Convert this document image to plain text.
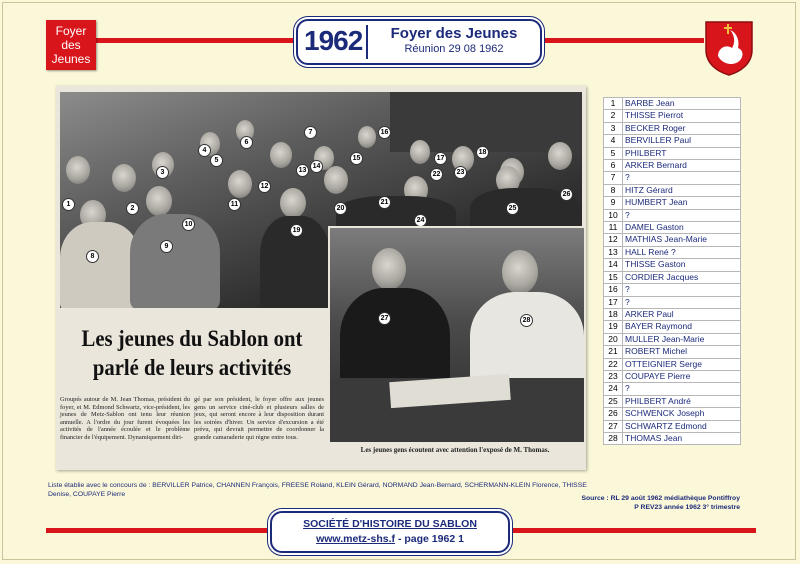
Foyer
des
Jeunes
1962	Foyer des Jeunes
Réunion 29 08 1962
1
2
3
4
5
6
7
8
9
10
11
12
13
14
15
16
17
18
19
20
21
22	23
24
25
26
27	28
Les jeunes du Sablon ont
parlé de leurs activités
Groupés autour de M. Jean Thomas, président du foyer, et M. Edmond Schwartz, vice-président, les jeunes de Metz-Sablon ont tenu leur réunion annuelle. A l'ordre du jour furent évoquées les activités de l'année écoulée et le problème financier de l'équipement. Dynamiquement diri-
gé par son président, le foyer offre aux jeunes gens un service ciné-club et plusieurs salles de jeux, qui seront encore à leur disposition durant les soirées d'hiver. Un service d'excursion a été prévu, qui devrait permettre de coordonner la grande camaraderie qui règne entre tous.
Les jeunes gens écoutent avec attention l'exposé de M. Thomas.
1	BARBE Jean
2	THISSE Pierrot
3	BECKER Roger
4	BERVILLER Paul
5	PHILBERT
6	ARKER Bernard
7	?
8	HITZ Gérard
9	HUMBERT Jean
10	?
11	DAMEL Gaston
12	MATHIAS Jean-Marie
13	HALL René ?
14	THISSE Gaston
15	CORDIER Jacques
16	?
17	?
18	ARKER Paul
19	BAYER Raymond
20	MULLER Jean-Marie
21	ROBERT Michel
22	OTTEIGNIER Serge
23	COUPAYE Pierre
24	?
25	PHILBERT André
26	SCHWENCK Joseph
27	SCHWARTZ Edmond
28	THOMAS Jean
Liste établie avec le concours de : BERVILLER Patrice, CHANNEN François, FREESE Roland, KLEIN Gérard, NORMAND Jean-Bernard, SCHERMANN-KLEIN Florence, THISSE Denise, COUPAYE Pierre
Source : RL 29 août 1962 médiathèque Pontiffroy
P REV23 année 1962 3° trimestre
SOCIÉTÉ D'HISTOIRE DU SABLON
www.metz-shs.f - page 1962 1
